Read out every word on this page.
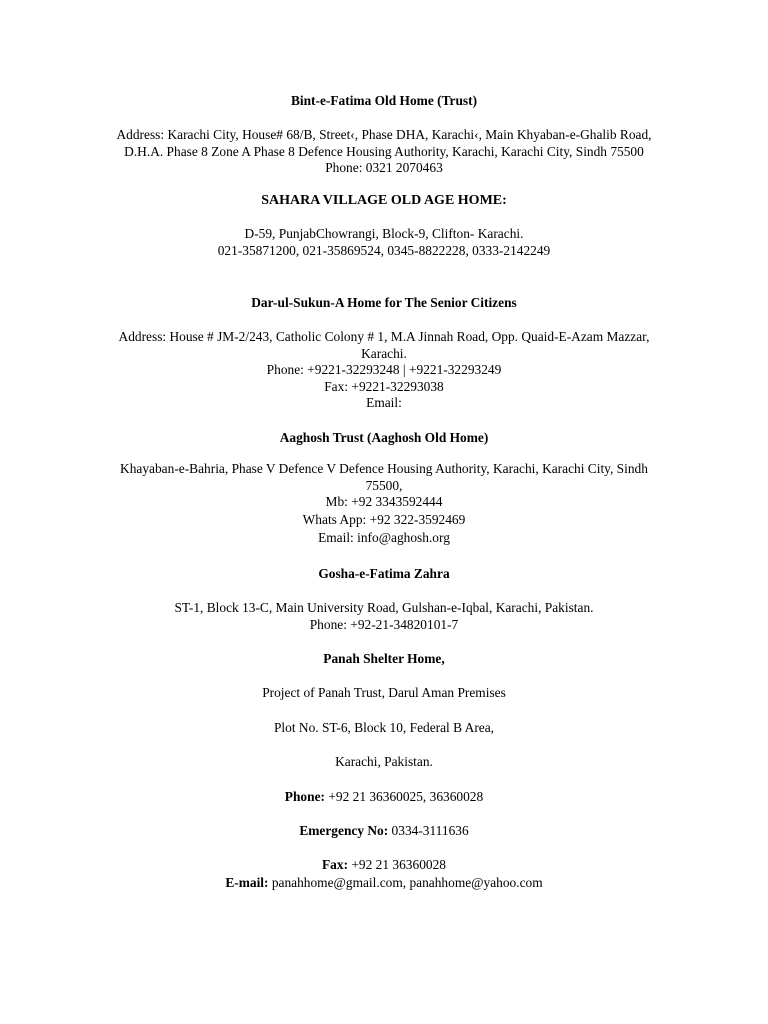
Bint-e-Fatima Old Home (Trust)
Address: Karachi City, House# 68/B, Street‹, Phase DHA, Karachi‹, Main Khyaban-e-Ghalib Road,
D.H.A. Phase 8 Zone A Phase 8 Defence Housing Authority, Karachi, Karachi City, Sindh 75500
Phone: 0321 2070463
SAHARA VILLAGE OLD AGE HOME:
D-59, PunjabChowrangi, Block-9, Clifton- Karachi.
021-35871200, 021-35869524, 0345-8822228, 0333-2142249
Dar-ul-Sukun-A Home for The Senior Citizens
Address: House # JM-2/243, Catholic Colony # 1, M.A Jinnah Road, Opp. Quaid-E-Azam Mazzar, Karachi.
Phone: +9221-32293248 | +9221-32293249
Fax: +9221-32293038
Email:
Aaghosh Trust (Aaghosh Old Home)
Khayaban-e-Bahria, Phase V Defence V Defence Housing Authority, Karachi, Karachi City, Sindh 75500,
Mb: +92 3343592444
Whats App: +92 322-3592469
Email: info@aghosh.org
Gosha-e-Fatima Zahra
ST-1, Block 13-C, Main University Road, Gulshan-e-Iqbal, Karachi, Pakistan.
Phone: +92-21-34820101-7
Panah Shelter Home,
Project of Panah Trust, Darul Aman Premises
Plot No. ST-6, Block 10, Federal B Area,
Karachi, Pakistan.
Phone: +92 21 36360025, 36360028
Emergency No: 0334-3111636
Fax: +92 21 36360028
E-mail: panahhome@gmail.com, panahhome@yahoo.com
